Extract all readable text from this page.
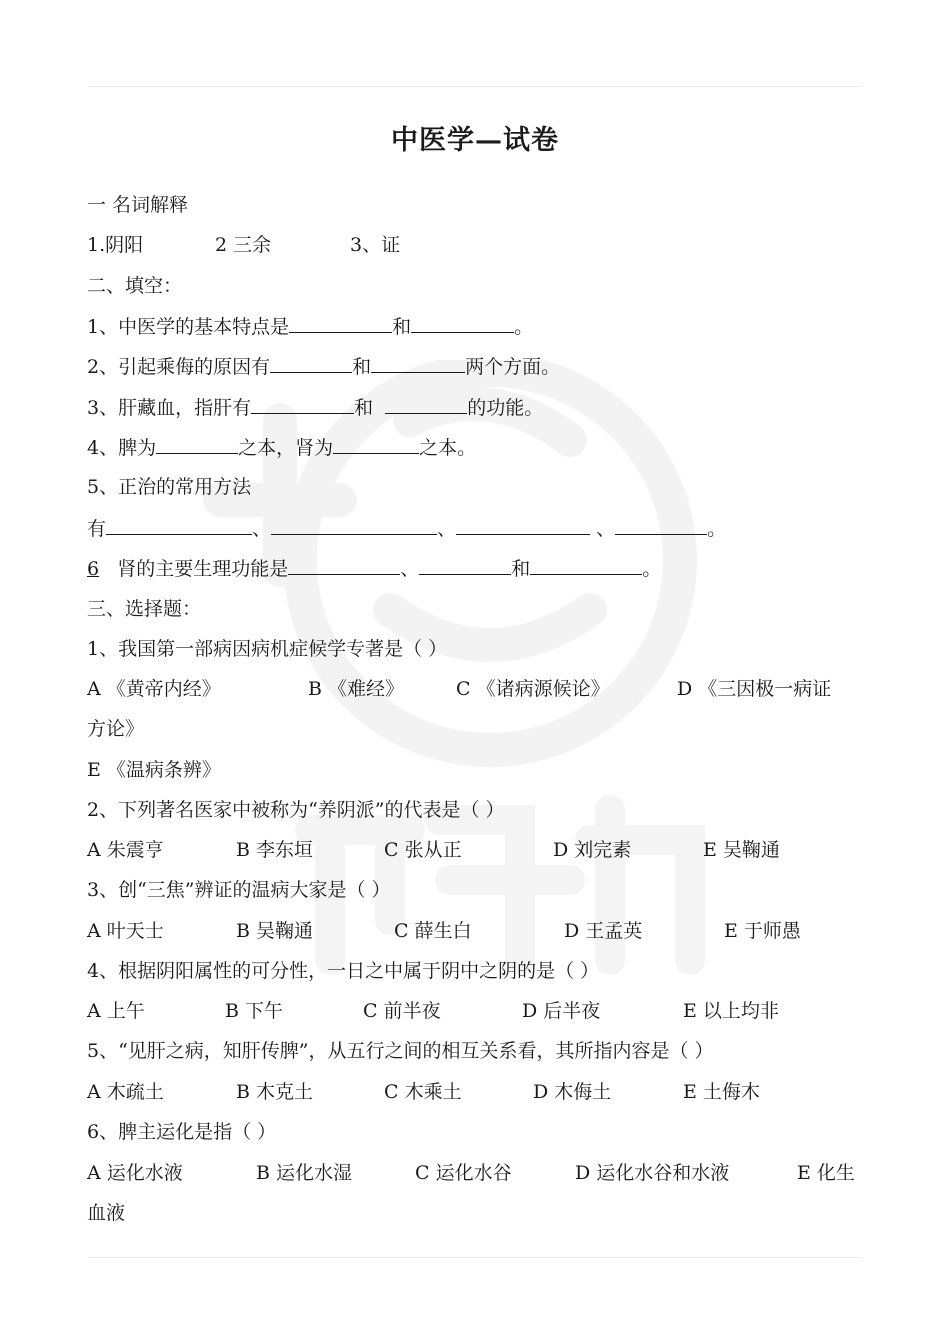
中医学—试卷
一 名词解释
1.阴阳	2 三余	3、证
二、填空：
1、中医学的基本特点是	和	。
2、引起乘侮的原因有	和	两个方面。
3、肝藏血，指肝有	和	的功能。
4、脾为	之本，肾为	之本。
5、正治的常用方法
有	、	、	、	。
6 肾的主要生理功能是	、	和	。
三、选择题：
1、我国第一部病因病机症候学专著是（ ）
A 《黄帝内经》	B 《难经》	C 《诸病源候论》	D 《三因极一病证
方论》
E 《温病条辨》
2、下列著名医家中被称为“养阴派”的代表是（ ）
A 朱震亨	B 李东垣	C 张从正	D 刘完素	E 吴鞠通
3、创“三焦”辨证的温病大家是（ ）
A 叶天士	B 吴鞠通	C 薛生白	D 王孟英	E 于师愚
4、根据阴阳属性的可分性，一日之中属于阴中之阴的是（ ）
A 上午	B 下午	C 前半夜	D 后半夜	E 以上均非
5、“见肝之病，知肝传脾”，从五行之间的相互关系看，其所指内容是（ ）
A 木疏土	B 木克土	C 木乘土	D 木侮土	E 土侮木
6、脾主运化是指（ ）
A 运化水液	B 运化水湿	C 运化水谷	D 运化水谷和水液	E 化生
血液
